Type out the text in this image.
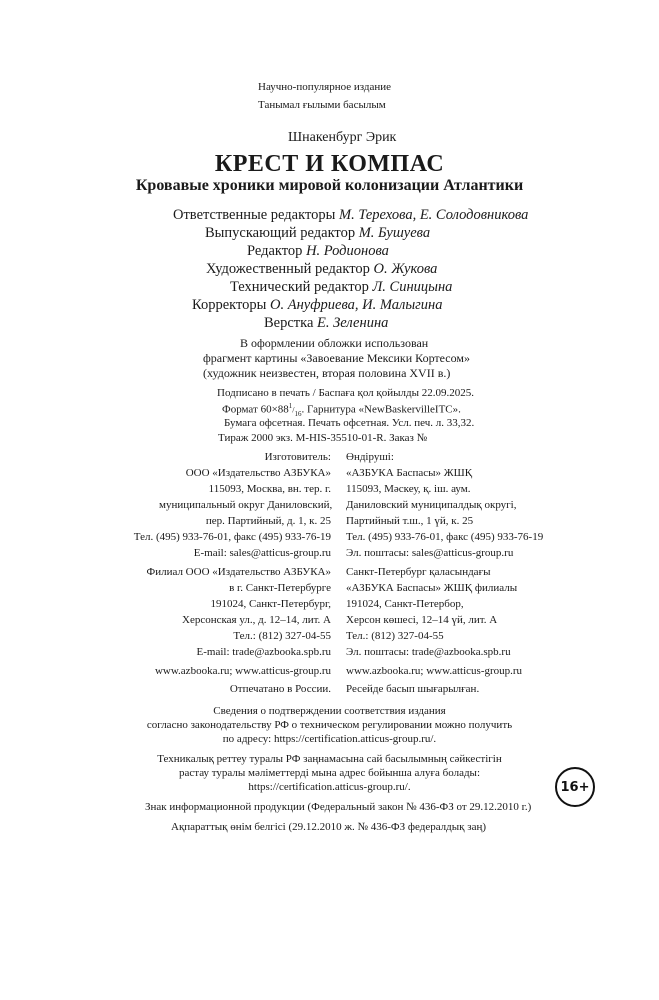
Научно-популярное издание
Танымал ғылыми басылым
Шнакенбург Эрик
КРЕСТ И КОМПАС
Кровавые хроники мировой колонизации Атлантики
Ответственные редакторы М. Терехова, Е. Солодовникова
Выпускающий редактор М. Бушуева
Редактор Н. Родионова
Художественный редактор О. Жукова
Технический редактор Л. Синицына
Корректоры О. Ануфриева, И. Малыгина
Верстка Е. Зеленина
В оформлении обложки использован
фрагмент картины «Завоевание Мексики Кортесом»
(художник неизвестен, вторая половина XVII в.)
Подписано в печать / Баспаға қол қойылды 22.09.2025.
Формат $60\times 88^1/_{16}$. Гарнитура «NewBaskervilleITC».
Бумага офсетная. Печать офсетная. Усл. печ. л. 33,32.
Тираж 2000 экз. M-HIS-35510-01-R. Заказ №
Изготовитель:
ООО «Издательство АЗБУКА»
115093, Москва, вн. тер. г.
муниципальный округ Даниловский,
пер. Партийный, д. 1, к. 25
Тел. (495) 933-76-01, факс (495) 933-76-19
E-mail: sales@atticus-group.ru
Өндіруші:
«АЗБУКА Баспасы» ЖШҚ
115093, Мәскеу, қ. іш. аум.
Даниловский муниципалдық округі,
Партийный т.ш., 1 үй, к. 25
Тел. (495) 933-76-01, факс (495) 933-76-19
Эл. поштасы: sales@atticus-group.ru
Филиал ООО «Издательство АЗБУКА»
в г. Санкт-Петербурге
191024, Санкт-Петербург,
Херсонская ул., д. 12–14, лит. А
Тел.: (812) 327-04-55
E-mail: trade@azbooka.spb.ru
Санкт-Петербург қаласындағы
«АЗБУКА Баспасы» ЖШҚ филиалы
191024, Санкт-Петербор,
Херсон көшесі, 12–14 үй, лит. А
Тел.: (812) 327-04-55
Эл. поштасы: trade@azbooka.spb.ru
www.azbooka.ru; www.atticus-group.ru www.azbooka.ru; www.atticus-group.ru
Отпечатано в России. Ресейде басып шығарылған.
Сведения о подтверждении соответствия издания
согласно законодательству РФ о техническом регулировании можно получить
по адресу: https://certification.atticus-group.ru/.
Техникалық реттеу туралы РФ заңнамасына сай басылымның сәйкестігін
растау туралы мәліметтерді мына адрес бойынша алуға болады:
https://certification.atticus-group.ru/.
Знак информационной продукции (Федеральный закон № 436-ФЗ от 29.12.2010 г.)
Ақпараттық өнім белгісі (29.12.2010 ж. № 436-ФЗ федералдық заң)
16+
